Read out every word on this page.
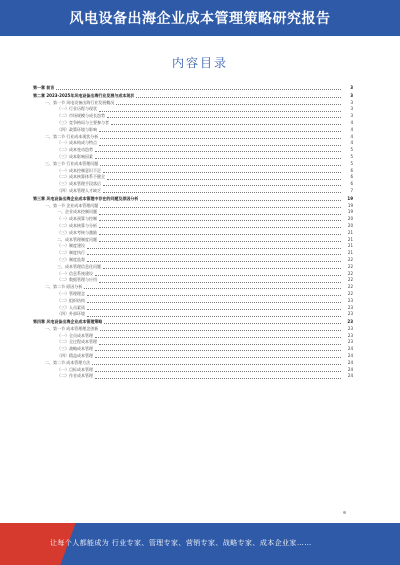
风电设备出海企业成本管理策略研究报告
内容目录
第一章 前言	3
第二章 2023-2025年风电设备出海行业发展与成本现状	3
一、第一节 风电设备出海行业发展概况	3
（一）行业历程与现状	3
（二）市场规模与成长趋势	3
（三）竞争格局与主要参与者	4
（四）政策环境与影响	4
二、第二节 行业成本现状分析	4
（一）成本构成与特点	4
（二）成本变动趋势	5
（三）成本影响因素	5
三、第三节 行业成本管理问题	5
（一）成本控制意识不足	6
（二）成本核算体系不健全	6
（三）成本管理手段落后	6
（四）成本管理人才缺乏	7
第三章 风电设备出海企业成本管理中存在的问题及原因分析	19
一、第一节 企业成本管理问题	19
一、企业成本控制问题	19
（一）成本预算与控制	20
（二）成本核算与分析	20
（三）成本考核与激励	21
二、成本管理制度问题	21
（一）制度建设	21
（二）制度执行	21
（三）制度监督	22
三、成本管理信息化问题	22
（一）信息系统建设	22
（二）数据管理与应用	22
二、第二节 原因分析	22
（一）管理理念	22
（二）组织结构	23
（三）人员素质	23
（四）外部环境	23
第四章 风电设备出海企业成本管理策略	23
一、第一节 成本管理理念创新	23
（一）全员成本管理	23
（二）全过程成本管理	23
（三）战略成本管理	24
（四）精益成本管理	24
二、第二节 成本管理方法	24
（一）目标成本管理	24
（二）作业成本管理	24
让每个人都能成为 行业专家、管理专家、营销专家、战略专家、成本企业家……
